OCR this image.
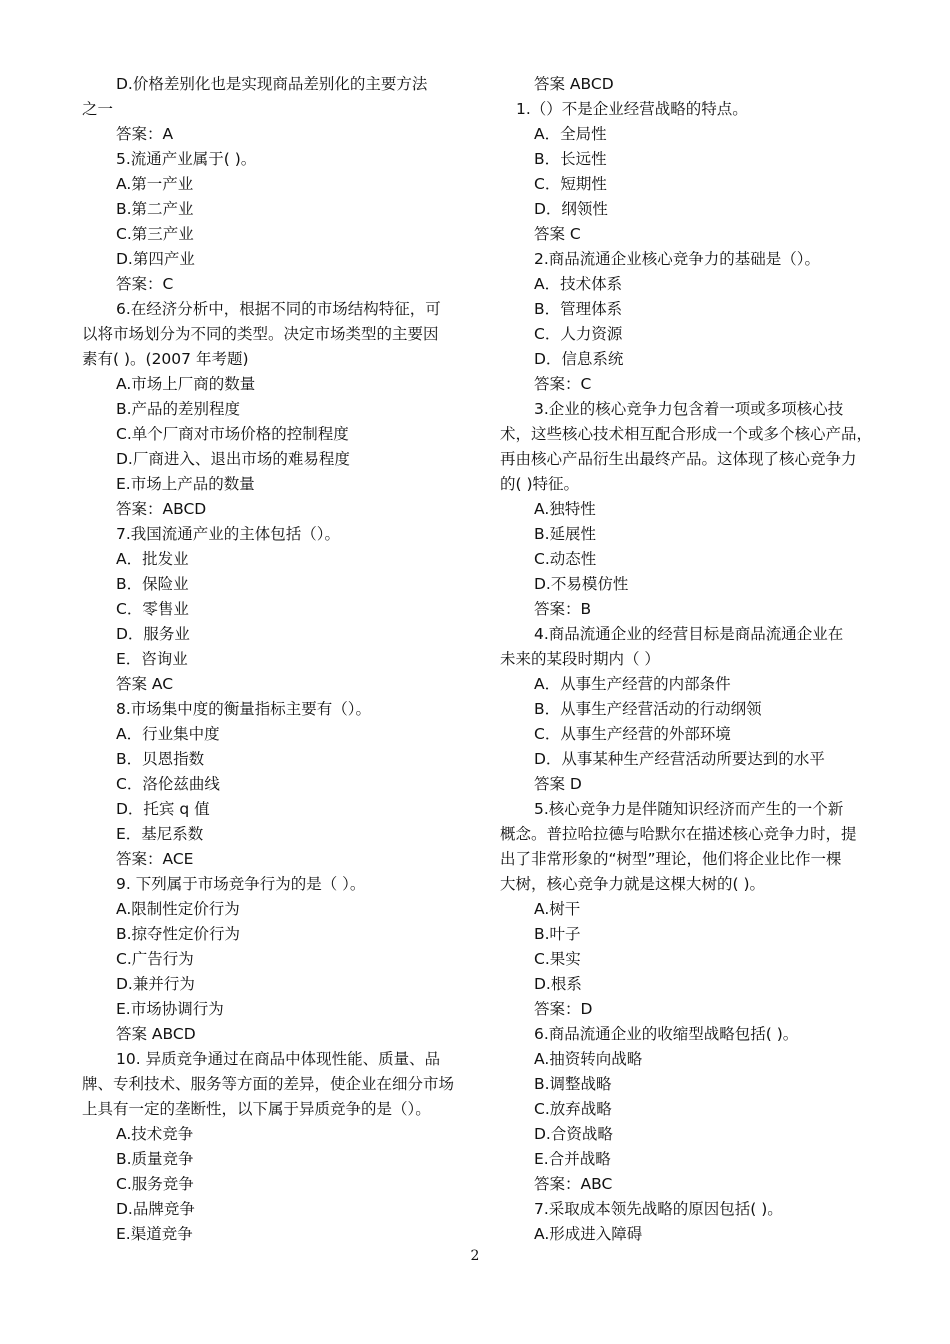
D.价格差别化也是实现商品差别化的主要方法
之一
答案：A
5.流通产业属于( )。
A.第一产业
B.第二产业
C.第三产业
D.第四产业
答案：C
6.在经济分析中，根据不同的市场结构特征，可
以将市场划分为不同的类型。决定市场类型的主要因
素有( )。(2007 年考题)
A.市场上厂商的数量
B.产品的差别程度
C.单个厂商对市场价格的控制程度
D.厂商进入、退出市场的难易程度
E.市场上产品的数量
答案：ABCD
7.我国流通产业的主体包括（）。
A．批发业
B．保险业
C．零售业
D．服务业
E．咨询业
答案 AC
8.市场集中度的衡量指标主要有（）。
A．行业集中度
B．贝恩指数
C．洛伦兹曲线
D．托宾 q 值
E．基尼系数
答案：ACE
9. 下列属于市场竞争行为的是（ ）。
A.限制性定价行为
B.掠夺性定价行为
C.广告行为
D.兼并行为
E.市场协调行为
答案 ABCD
10. 异质竞争通过在商品中体现性能、质量、品
牌、专利技术、服务等方面的差异，使企业在细分市场
上具有一定的垄断性，以下属于异质竞争的是（）。
A.技术竞争
B.质量竞争
C.服务竞争
D.品牌竞争
E.渠道竞争
答案 ABCD
1.（）不是企业经营战略的特点。
A．全局性
B．长远性
C．短期性
D．纲领性
答案 C
2.商品流通企业核心竞争力的基础是（）。
A．技术体系
B．管理体系
C．人力资源
D．信息系统
答案：C
3.企业的核心竞争力包含着一项或多项核心技
术，这些核心技术相互配合形成一个或多个核心产品，
再由核心产品衍生出最终产品。这体现了核心竞争力
的( )特征。
A.独特性
B.延展性
C.动态性
D.不易模仿性
答案：B
4.商品流通企业的经营目标是商品流通企业在
未来的某段时期内（ ）
A．从事生产经营的内部条件
B．从事生产经营活动的行动纲领
C．从事生产经营的外部环境
D．从事某种生产经营活动所要达到的水平
答案 D
5.核心竞争力是伴随知识经济而产生的一个新
概念。普拉哈拉德与哈默尔在描述核心竞争力时，提
出了非常形象的“树型”理论，他们将企业比作一棵
大树，核心竞争力就是这棵大树的( )。
A.树干
B.叶子
C.果实
D.根系
答案：D
6.商品流通企业的收缩型战略包括( )。
A.抽资转向战略
B.调整战略
C.放弃战略
D.合资战略
E.合并战略
答案：ABC
7.采取成本领先战略的原因包括( )。
A.形成进入障碍
2
